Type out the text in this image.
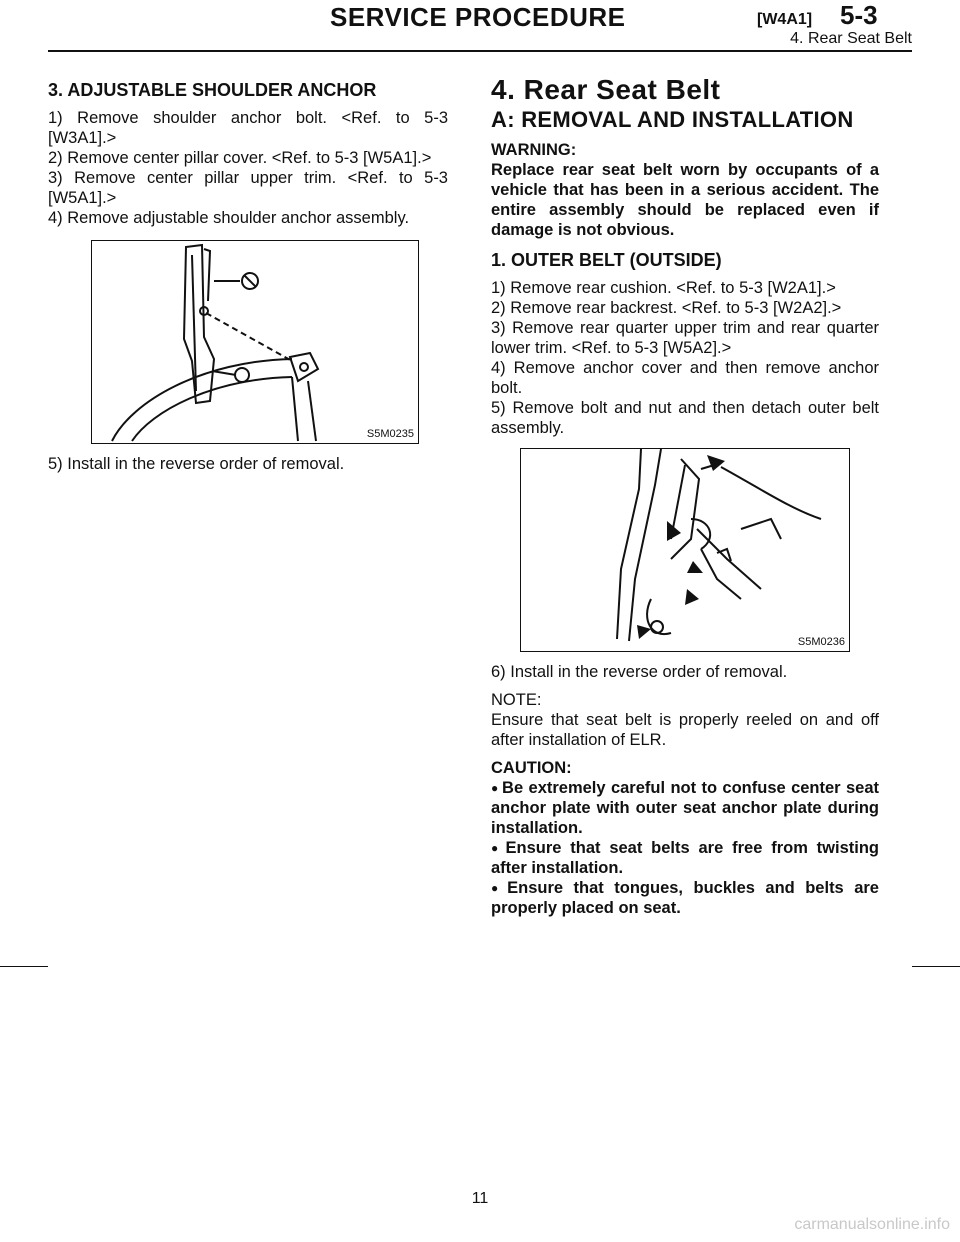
SERVICE PROCEDURE	[W4A1] 5-3
4. Rear Seat Belt

3. ADJUSTABLE SHOULDER ANCHOR

1) Remove shoulder anchor bolt. <Ref. to 5-3 [W3A1].>

2) Remove center pillar cover. <Ref. to 5-3 [W5A1].>

3) Remove center pillar upper trim. <Ref. to 5-3 [W5A1].>

4) Remove adjustable shoulder anchor assembly.

S5M0235

5) Install in the reverse order of removal.

4. Rear Seat Belt

A: REMOVAL AND INSTALLATION

WARNING:

Replace rear seat belt worn by occupants of a vehicle that has been in a serious accident. The entire assembly should be replaced even if damage is not obvious.

1. OUTER BELT (OUTSIDE)

1) Remove rear cushion. <Ref. to 5-3 [W2A1].>

2) Remove rear backrest. <Ref. to 5-3 [W2A2].>

3) Remove rear quarter upper trim and rear quarter lower trim. <Ref. to 5-3 [W5A2].>

4) Remove anchor cover and then remove anchor bolt.

5) Remove bolt and nut and then detach outer belt assembly.

S5M0236

6) Install in the reverse order of removal.

NOTE:

Ensure that seat belt is properly reeled on and off after installation of ELR.

CAUTION:

● Be extremely careful not to confuse center seat anchor plate with outer seat anchor plate during installation.

● Ensure that seat belts are free from twisting after installation.

● Ensure that tongues, buckles and belts are properly placed on seat.

11
carmanualsonline.info
